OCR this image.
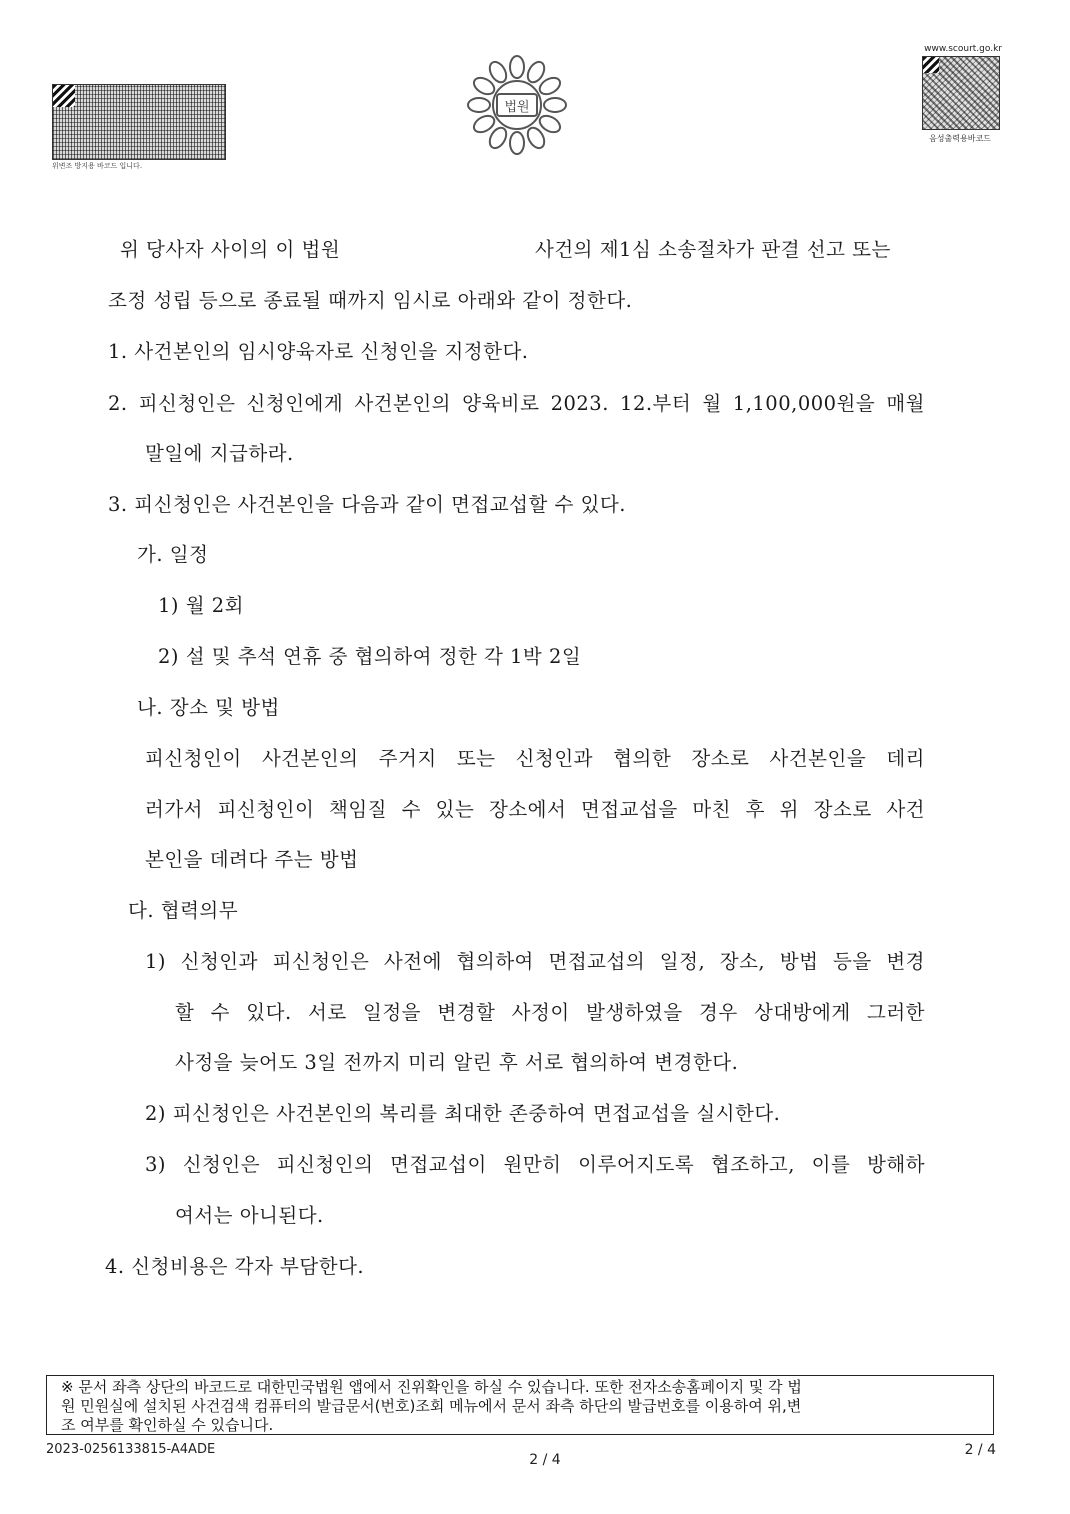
위변조 방지용 바코드 입니다.
법원
www.scourt.go.kr
음성출력용바코드
위 당사자 사이의 이 법원	사건의 제1심 소송절차가 판결 선고 또는
조정 성립 등으로 종료될 때까지 임시로 아래와 같이 정한다.
1. 사건본인의 임시양육자로 신청인을 지정한다.
2. 피신청인은 신청인에게 사건본인의 양육비로 2023. 12.부터 월 1,100,000원을 매월
말일에 지급하라.
3. 피신청인은 사건본인을 다음과 같이 면접교섭할 수 있다.
가. 일정
1) 월 2회
2) 설 및 추석 연휴 중 협의하여 정한 각 1박 2일
나. 장소 및 방법
피신청인이 사건본인의 주거지 또는 신청인과 협의한 장소로 사건본인을 데리
러가서 피신청인이 책임질 수 있는 장소에서 면접교섭을 마친 후 위 장소로 사건
본인을 데려다 주는 방법
다. 협력의무
1) 신청인과 피신청인은 사전에 협의하여 면접교섭의 일정, 장소, 방법 등을 변경
할 수 있다. 서로 일정을 변경할 사정이 발생하였을 경우 상대방에게 그러한
사정을 늦어도 3일 전까지 미리 알린 후 서로 협의하여 변경한다.
2) 피신청인은 사건본인의 복리를 최대한 존중하여 면접교섭을 실시한다.
3) 신청인은 피신청인의 면접교섭이 원만히 이루어지도록 협조하고, 이를 방해하
여서는 아니된다.
4. 신청비용은 각자 부담한다.
※ 문서 좌측 상단의 바코드로 대한민국법원 앱에서 진위확인을 하실 수 있습니다. 또한 전자소송홈페이지 및 각 법
원 민원실에 설치된 사건검색 컴퓨터의 발급문서(번호)조회 메뉴에서 문서 좌측 하단의 발급번호를 이용하여 위,변
조 여부를 확인하실 수 있습니다.
2023-0256133815-A4ADE
2 / 4
2 / 4
